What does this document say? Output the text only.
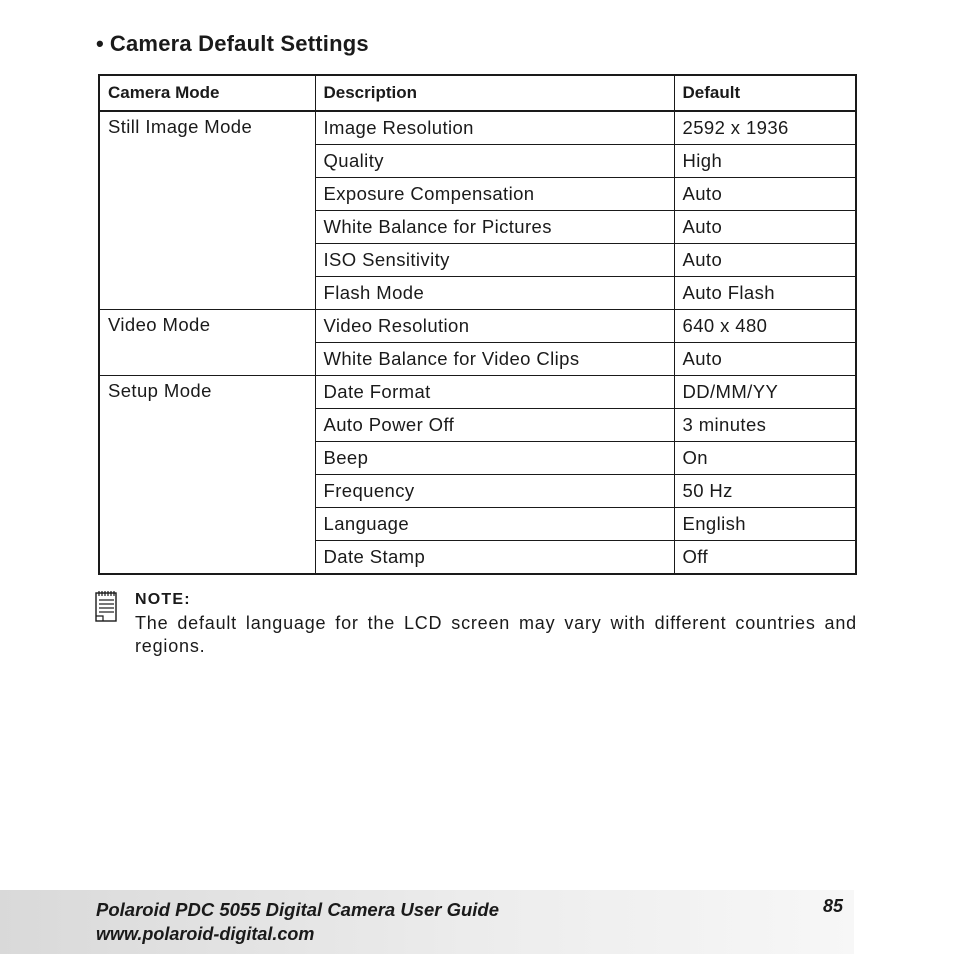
• Camera Default Settings
Camera Mode	Description	Default
Still Image Mode	Image Resolution	2592 x 1936
	Quality	High
	Exposure Compensation	Auto
	White Balance for Pictures	Auto
	ISO Sensitivity	Auto
	Flash Mode	Auto Flash
Video Mode	Video Resolution	640 x 480
	White Balance for Video Clips	Auto
Setup Mode	Date Format	DD/MM/YY
	Auto Power Off	3 minutes
	Beep	On
	Frequency	50 Hz
	Language	English
	Date Stamp	Off
NOTE:
The default language for the LCD screen may vary with different countries and regions.
Polaroid PDC 5055 Digital Camera User Guide
www.polaroid-digital.com
85
